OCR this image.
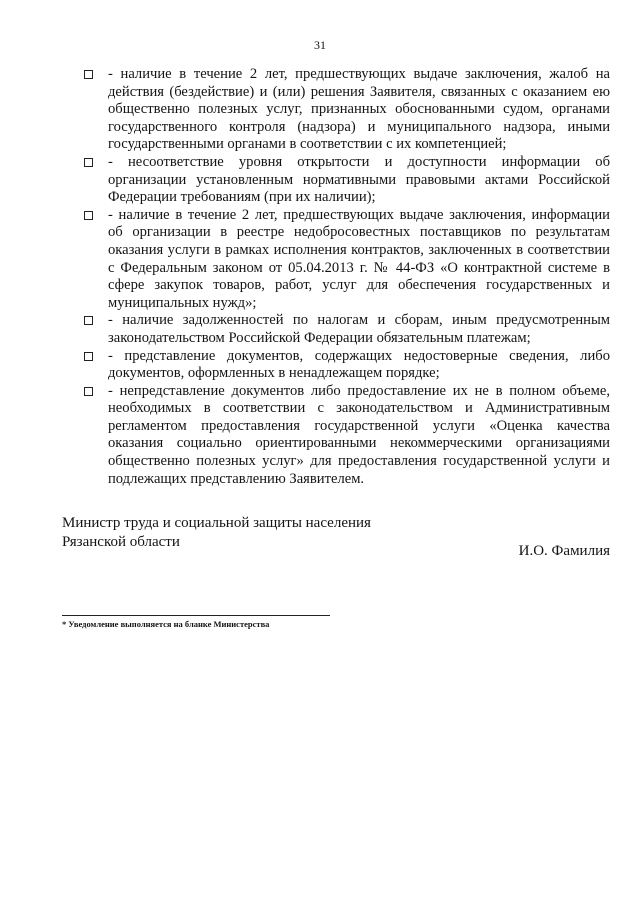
31

- наличие в течение 2 лет, предшествующих выдаче заключения, жалоб на действия (бездействие) и (или) решения Заявителя, связанных с оказанием ею общественно полезных услуг, признанных обоснованными судом, органами государственного контроля (надзора) и муниципального надзора, иными государственными органами в соответствии с их компетенцией;

- несоответствие уровня открытости и доступности информации об организации установленным нормативными правовыми актами Российской Федерации требованиям (при их наличии);

- наличие в течение 2 лет, предшествующих выдаче заключения, информации об организации в реестре недобросовестных поставщиков по результатам оказания услуги в рамках исполнения контрактов, заключенных в соответствии с Федеральным законом от 05.04.2013 г. № 44-ФЗ «О контрактной системе в сфере закупок товаров, работ, услуг для обеспечения государственных и муниципальных нужд»;

- наличие задолженностей по налогам и сборам, иным предусмотренным законодательством Российской Федерации обязательным платежам;

- представление документов, содержащих недостоверные сведения, либо документов, оформленных в ненадлежащем порядке;

- непредставление документов либо предоставление их не в полном объеме, необходимых в соответствии с законодательством и Административным регламентом предоставления государственной услуги «Оценка качества оказания социально ориентированными некоммерческими организациями общественно полезных услуг» для предоставления государственной услуги и подлежащих представлению Заявителем.

Министр труда и социальной защиты населения Рязанской области
И.О. Фамилия
* Уведомление выполняется на бланке Министерства
